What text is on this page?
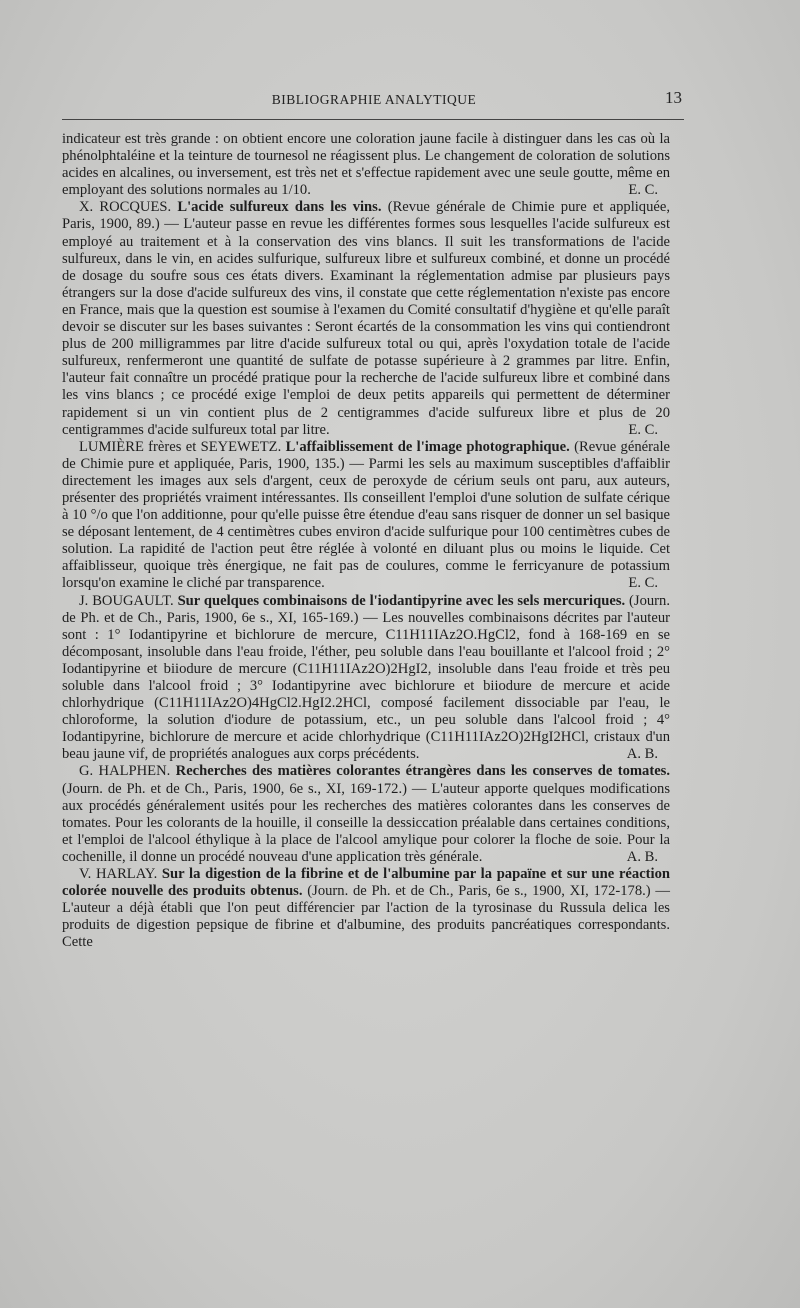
BIBLIOGRAPHIE ANALYTIQUE	13

indicateur est très grande : on obtient encore une coloration jaune facile à distinguer dans les cas où la phénolphtaléine et la teinture de tournesol ne réagissent plus. Le changement de coloration de solutions acides en alcalines, ou inversement, est très net et s'effectue rapidement avec une seule goutte, même en employant des solutions normales au 1/10.	E. C.

X. ROCQUES. L'acide sulfureux dans les vins. (Revue générale de Chimie pure et appliquée, Paris, 1900, 89.) — L'auteur passe en revue les différentes formes sous lesquelles l'acide sulfureux est employé au traitement et à la conservation des vins blancs. Il suit les transformations de l'acide sulfureux, dans le vin, en acides sulfurique, sulfureux libre et sulfureux combiné, et donne un procédé de dosage du soufre sous ces états divers. Examinant la réglementation admise par plusieurs pays étrangers sur la dose d'acide sulfureux des vins, il constate que cette réglementation n'existe pas encore en France, mais que la question est soumise à l'examen du Comité consultatif d'hygiène et qu'elle paraît devoir se discuter sur les bases suivantes : Seront écartés de la consommation les vins qui contiendront plus de 200 milligrammes par litre d'acide sulfureux total ou qui, après l'oxydation totale de l'acide sulfureux, renfermeront une quantité de sulfate de potasse supérieure à 2 grammes par litre. Enfin, l'auteur fait connaître un procédé pratique pour la recherche de l'acide sulfureux libre et combiné dans les vins blancs ; ce procédé exige l'emploi de deux petits appareils qui permettent de déterminer rapidement si un vin contient plus de 2 centigrammes d'acide sulfureux libre et plus de 20 centigrammes d'acide sulfureux total par litre.	E. C.

LUMIÈRE frères et SEYEWETZ. L'affaiblissement de l'image photographique. (Revue générale de Chimie pure et appliquée, Paris, 1900, 135.) — Parmi les sels au maximum susceptibles d'affaiblir directement les images aux sels d'argent, ceux de peroxyde de cérium seuls ont paru, aux auteurs, présenter des propriétés vraiment intéressantes. Ils conseillent l'emploi d'une solution de sulfate cérique à 10 °/o que l'on additionne, pour qu'elle puisse être étendue d'eau sans risquer de donner un sel basique se déposant lentement, de 4 centimètres cubes environ d'acide sulfurique pour 100 centimètres cubes de solution. La rapidité de l'action peut être réglée à volonté en diluant plus ou moins le liquide. Cet affaiblisseur, quoique très énergique, ne fait pas de coulures, comme le ferricyanure de potassium lorsqu'on examine le cliché par transparence.	E. C.

J. BOUGAULT. Sur quelques combinaisons de l'iodantipyrine avec les sels mercuriques. (Journ. de Ph. et de Ch., Paris, 1900, 6e s., XI, 165-169.) — Les nouvelles combinaisons décrites par l'auteur sont : 1° Iodantipyrine et bichlorure de mercure, C11H11IAz2O.HgCl2, fond à 168-169 en se décomposant, insoluble dans l'eau froide, l'éther, peu soluble dans l'eau bouillante et l'alcool froid ; 2° Iodantipyrine et biiodure de mercure (C11H11IAz2O)2HgI2, insoluble dans l'eau froide et très peu soluble dans l'alcool froid ; 3° Iodantipyrine avec bichlorure et biiodure de mercure et acide chlorhydrique (C11H11IAz2O)4HgCl2.HgI2.2HCl, composé facilement dissociable par l'eau, le chloroforme, la solution d'iodure de potassium, etc., un peu soluble dans l'alcool froid ; 4° Iodantipyrine, bichlorure de mercure et acide chlorhydrique (C11H11IAz2O)2HgI2HCl, cristaux d'un beau jaune vif, de propriétés analogues aux corps précédents.	A. B.

G. HALPHEN. Recherches des matières colorantes étrangères dans les conserves de tomates. (Journ. de Ph. et de Ch., Paris, 1900, 6e s., XI, 169-172.) — L'auteur apporte quelques modifications aux procédés généralement usités pour les recherches des matières colorantes dans les conserves de tomates. Pour les colorants de la houille, il conseille la dessiccation préalable dans certaines conditions, et l'emploi de l'alcool éthylique à la place de l'alcool amylique pour colorer la floche de soie. Pour la cochenille, il donne un procédé nouveau d'une application très générale.	A. B.

V. HARLAY. Sur la digestion de la fibrine et de l'albumine par la papaïne et sur une réaction colorée nouvelle des produits obtenus. (Journ. de Ph. et de Ch., Paris, 6e s., 1900, XI, 172-178.) — L'auteur a déjà établi que l'on peut différencier par l'action de la tyrosinase du Russula delica les produits de digestion pepsique de fibrine et d'albumine, des produits pancréatiques correspondants. Cette
